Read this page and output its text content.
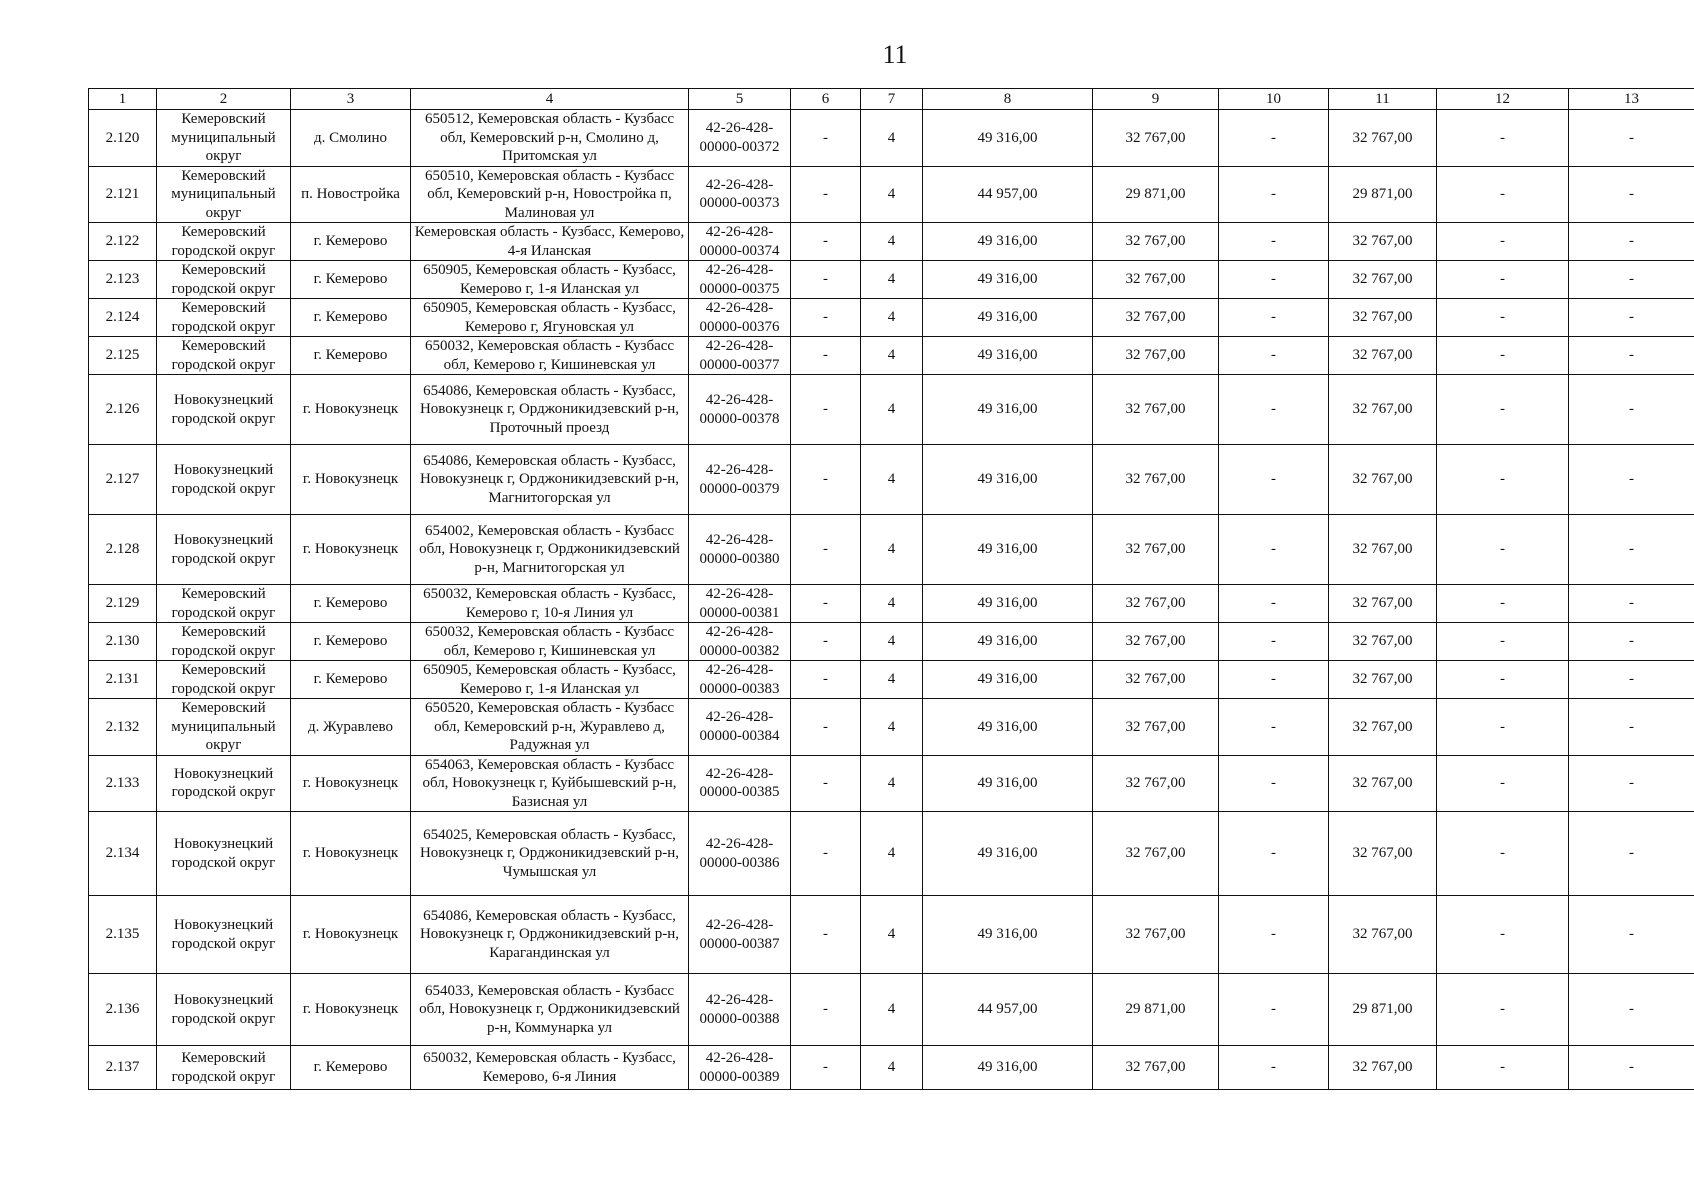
11
1	2	3	4	5	6	7	8	9	10	11	12	13
2.120	Кемеровский муниципальный округ	д. Смолино	650512, Кемеровская область - Кузбасс обл, Кемеровский р-н, Смолино д, Притомская ул	42-26-428-00000-00372	-	4	49 316,00	32 767,00	-	32 767,00	-	-
2.121	Кемеровский муниципальный округ	п. Новостройка	650510, Кемеровская область - Кузбасс обл, Кемеровский р-н, Новостройка п, Малиновая ул	42-26-428-00000-00373	-	4	44 957,00	29 871,00	-	29 871,00	-	-
2.122	Кемеровский городской округ	г. Кемерово	Кемеровская область - Кузбасс, Кемерово, 4-я Иланская	42-26-428-00000-00374	-	4	49 316,00	32 767,00	-	32 767,00	-	-
2.123	Кемеровский городской округ	г. Кемерово	650905, Кемеровская область - Кузбасс, Кемерово г, 1-я Иланская ул	42-26-428-00000-00375	-	4	49 316,00	32 767,00	-	32 767,00	-	-
2.124	Кемеровский городской округ	г. Кемерово	650905, Кемеровская область - Кузбасс, Кемерово г, Ягуновская ул	42-26-428-00000-00376	-	4	49 316,00	32 767,00	-	32 767,00	-	-
2.125	Кемеровский городской округ	г. Кемерово	650032, Кемеровская область - Кузбасс обл, Кемерово г, Кишиневская ул	42-26-428-00000-00377	-	4	49 316,00	32 767,00	-	32 767,00	-	-
2.126	Новокузнецкий городской округ	г. Новокузнецк	654086, Кемеровская область - Кузбасс, Новокузнецк г, Орджоникидзевский р-н, Проточный проезд	42-26-428-00000-00378	-	4	49 316,00	32 767,00	-	32 767,00	-	-
2.127	Новокузнецкий городской округ	г. Новокузнецк	654086, Кемеровская область - Кузбасс, Новокузнецк г, Орджоникидзевский р-н, Магнитогорская ул	42-26-428-00000-00379	-	4	49 316,00	32 767,00	-	32 767,00	-	-
2.128	Новокузнецкий городской округ	г. Новокузнецк	654002, Кемеровская область - Кузбасс обл, Новокузнецк г, Орджоникидзевский р-н, Магнитогорская ул	42-26-428-00000-00380	-	4	49 316,00	32 767,00	-	32 767,00	-	-
2.129	Кемеровский городской округ	г. Кемерово	650032, Кемеровская область - Кузбасс, Кемерово г, 10-я Линия ул	42-26-428-00000-00381	-	4	49 316,00	32 767,00	-	32 767,00	-	-
2.130	Кемеровский городской округ	г. Кемерово	650032, Кемеровская область - Кузбасс обл, Кемерово г, Кишиневская ул	42-26-428-00000-00382	-	4	49 316,00	32 767,00	-	32 767,00	-	-
2.131	Кемеровский городской округ	г. Кемерово	650905, Кемеровская область - Кузбасс, Кемерово г, 1-я Иланская ул	42-26-428-00000-00383	-	4	49 316,00	32 767,00	-	32 767,00	-	-
2.132	Кемеровский муниципальный округ	д. Журавлево	650520, Кемеровская область - Кузбасс обл, Кемеровский р-н, Журавлево д, Радужная ул	42-26-428-00000-00384	-	4	49 316,00	32 767,00	-	32 767,00	-	-
2.133	Новокузнецкий городской округ	г. Новокузнецк	654063, Кемеровская область - Кузбасс обл, Новокузнецк г, Куйбышевский р-н, Базисная ул	42-26-428-00000-00385	-	4	49 316,00	32 767,00	-	32 767,00	-	-
2.134	Новокузнецкий городской округ	г. Новокузнецк	654025, Кемеровская область - Кузбасс, Новокузнецк г, Орджоникидзевский р-н, Чумышская ул	42-26-428-00000-00386	-	4	49 316,00	32 767,00	-	32 767,00	-	-
2.135	Новокузнецкий городской округ	г. Новокузнецк	654086, Кемеровская область - Кузбасс, Новокузнецк г, Орджоникидзевский р-н, Карагандинская ул	42-26-428-00000-00387	-	4	49 316,00	32 767,00	-	32 767,00	-	-
2.136	Новокузнецкий городской округ	г. Новокузнецк	654033, Кемеровская область - Кузбасс обл, Новокузнецк г, Орджоникидзевский р-н, Коммунарка ул	42-26-428-00000-00388	-	4	44 957,00	29 871,00	-	29 871,00	-	-
2.137	Кемеровский городской округ	г. Кемерово	650032, Кемеровская область - Кузбасс, Кемерово, 6-я Линия	42-26-428-00000-00389	-	4	49 316,00	32 767,00	-	32 767,00	-	-
